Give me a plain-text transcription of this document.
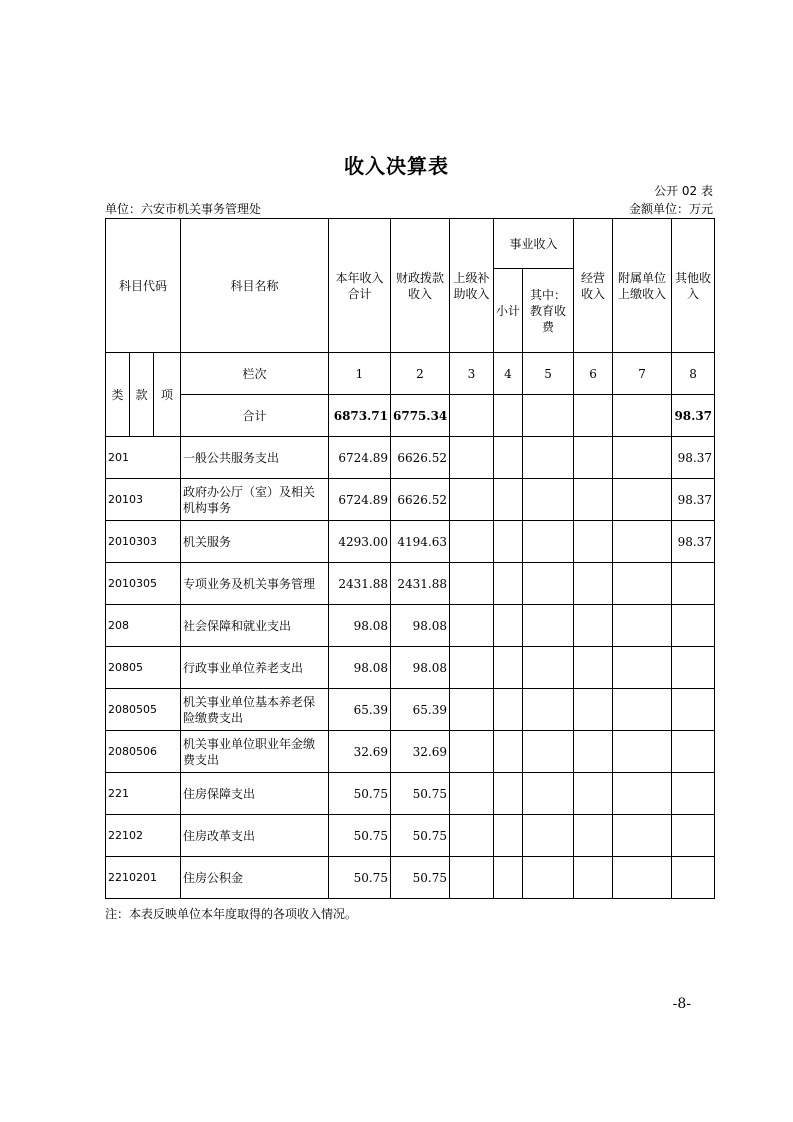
收入决算表
公开 02 表
单位：六安市机关事务管理处	金额单位：万元
科目代码			科目名称	本年收入合计	财政拨款收入	上级补助收入	事业收入		经营收入	附属单位上缴收入	其他收入
							小计	其中：教育收费			

类	款	项	栏次	1	2	3	4	5	6	7	8
			合计	6873.71	6775.34						98.37
201			一般公共服务支出	6724.89	6626.52						98.37
20103			政府办公厅（室）及相关机构事务	6724.89	6626.52						98.37
2010303			机关服务	4293.00	4194.63						98.37
2010305			专项业务及机关事务管理	2431.88	2431.88						
208			社会保障和就业支出	98.08	98.08						
20805			行政事业单位养老支出	98.08	98.08						
2080505			机关事业单位基本养老保险缴费支出	65.39	65.39						
2080506			机关事业单位职业年金缴费支出	32.69	32.69						
221			住房保障支出	50.75	50.75						
22102			住房改革支出	50.75	50.75						
2210201			住房公积金	50.75	50.75						
注：本表反映单位本年度取得的各项收入情况。
-8-
